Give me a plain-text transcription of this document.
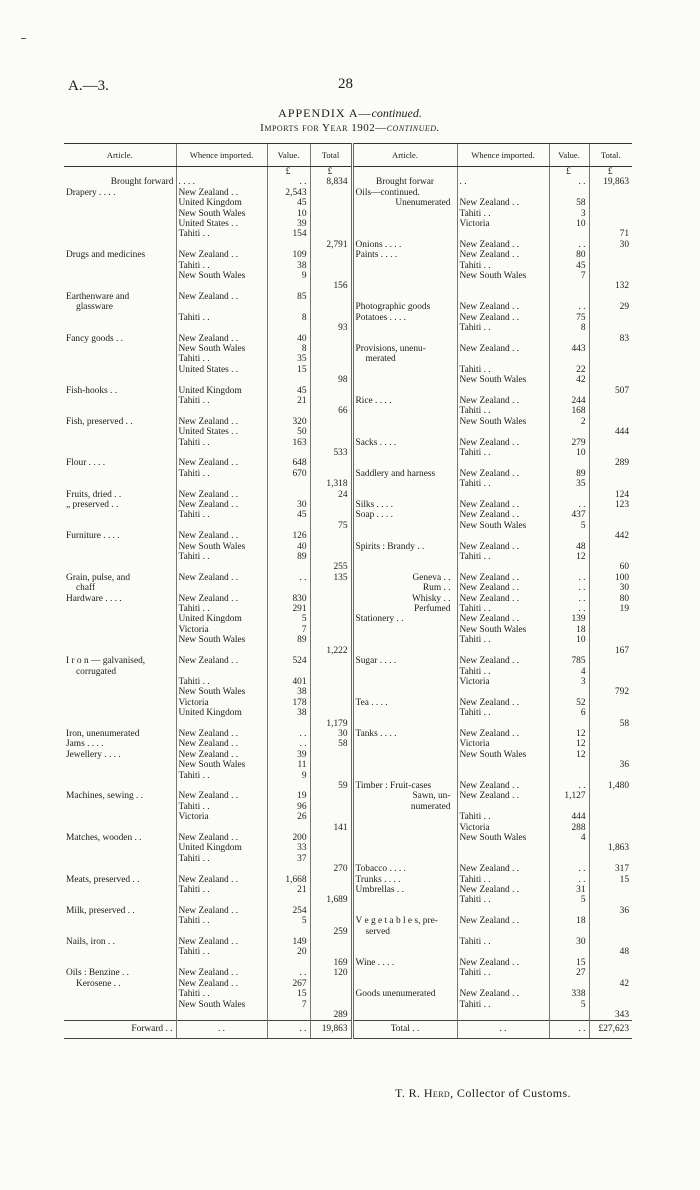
A.—3.	28
APPENDIX A—continued.
Imports for Year 1902—continued.
Article.	Whence imported.	Value.	Total	Article.	Whence imported.	Value.	Total.
		£	£			£	£
Brought forward	. . . .	. .	8,834	Brought forwar	. .	. .	19,863
Drapery . . . .	New Zealand . .	2,543		Oils—continued.			
	United Kingdom	45		Unenumerated	New Zealand . .	58	
	New South Wales	10			Tahiti . .	3	
	United States . .	39			Victoria	10	
	Tahiti . .	154					71
			2,791	Onions . . . .	New Zealand . .	. .	30
Drugs and medicines	New Zealand . .	109		Paints . . . .	New Zealand . .	80	
	Tahiti . .	38			Tahiti . .	45	
	New South Wales	9			New South Wales	7	
			156				132
Earthenware and	New Zealand . .	85					
glassware				Photographic goods	New Zealand . .	. .	29
	Tahiti . .	8		Potatoes . . . .	New Zealand . .	75	
			93		Tahiti . .	8	
Fancy goods . .	New Zealand . .	40					83
	New South Wales	8		Provisions, unenu-	New Zealand . .	443	
	Tahiti . .	35		merated			
	United States . .	15			Tahiti . .	22	
			98		New South Wales	42	
Fish-hooks . .	United Kingdom	45					507
	Tahiti . .	21		Rice . . . .	New Zealand . .	244	
			66		Tahiti . .	168	
Fish, preserved . .	New Zealand . .	320			New South Wales	2	
	United States . .	50					444
	Tahiti . .	163		Sacks . . . .	New Zealand . .	279	
			533		Tahiti . .	10	
Flour . . . .	New Zealand . .	648					289
	Tahiti . .	670		Saddlery and harness	New Zealand . .	89	
			1,318		Tahiti . .	35	
Fruits, dried . .	New Zealand . .		24				124
„ preserved . .	New Zealand . .	30		Silks . . . .	New Zealand . .	. .	123
	Tahiti . .	45		Soap . . . .	New Zealand . .	437	
			75		New South Wales	5	
Furniture . . . .	New Zealand . .	126					442
	New South Wales	40		Spirits : Brandy . .	New Zealand . .	48	
	Tahiti . .	89			Tahiti . .	12	
			255				60
Grain, pulse, and	New Zealand . .	. .	135	Geneva . .	New Zealand . .	. .	100
chaff				Rum . .	New Zealand . .	. .	30
Hardware . . . .	New Zealand . .	830		Whisky . .	New Zealand . .	. .	80
	Tahiti . .	291		Perfumed	Tahiti . .	. .	19
	United Kingdom	5		Stationery . .	New Zealand . .	139	
	Victoria	7			New South Wales	18	
	New South Wales	89			Tahiti . .	10	
			1,222				167
I r o n — galvanised,	New Zealand . .	524		Sugar . . . .	New Zealand . .	785	
corrugated					Tahiti . .	4	
	Tahiti . .	401			Victoria	3	
	New South Wales	38					792
	Victoria	178		Tea . . . .	New Zealand . .	52	
	United Kingdom	38			Tahiti . .	6	
			1,179				58
Iron, unenumerated	New Zealand . .	. .	30	Tanks . . . .	New Zealand . .	12	
Jams . . . .	New Zealand . .	. .	58		Victoria	12	
Jewellery . . . .	New Zealand . .	39			New South Wales	12	
	New South Wales	11					36
	Tahiti . .	9					
			59	Timber : Fruit-cases	New Zealand . .	. .	1,480
Machines, sewing . .	New Zealand . .	19		Sawn, un-	New Zealand . .	1,127	
	Tahiti . .	96		numerated			
	Victoria	26			Tahiti . .	444	
			141		Victoria	288	
Matches, wooden . .	New Zealand . .	200			New South Wales	4	
	United Kingdom	33					1,863
	Tahiti . .	37					
			270	Tobacco . . . .	New Zealand . .	. .	317
Meats, preserved . .	New Zealand . .	1,668		Trunks . . . .	Tahiti . .	. .	15
	Tahiti . .	21		Umbrellas . .	New Zealand . .	31	
			1,689		Tahiti . .	5	
Milk, preserved . .	New Zealand . .	254					36
	Tahiti . .	5		V e g e t a b l e s, pre-	New Zealand . .	18	
			259	served			
Nails, iron . .	New Zealand . .	149			Tahiti . .	30	
	Tahiti . .	20					48
			169	Wine . . . .	New Zealand . .	15	
Oils : Benzine . .	New Zealand . .	. .	120		Tahiti . .	27	
Kerosene . .	New Zealand . .	267					42
	Tahiti . .	15		Goods unenumerated	New Zealand . .	338	
	New South Wales	7			Tahiti . .	5	
			289				343
Forward . .	. .	. .	19,863	Total . .	. .	. .	£27,623
T. R. Herd, Collector of Customs.
